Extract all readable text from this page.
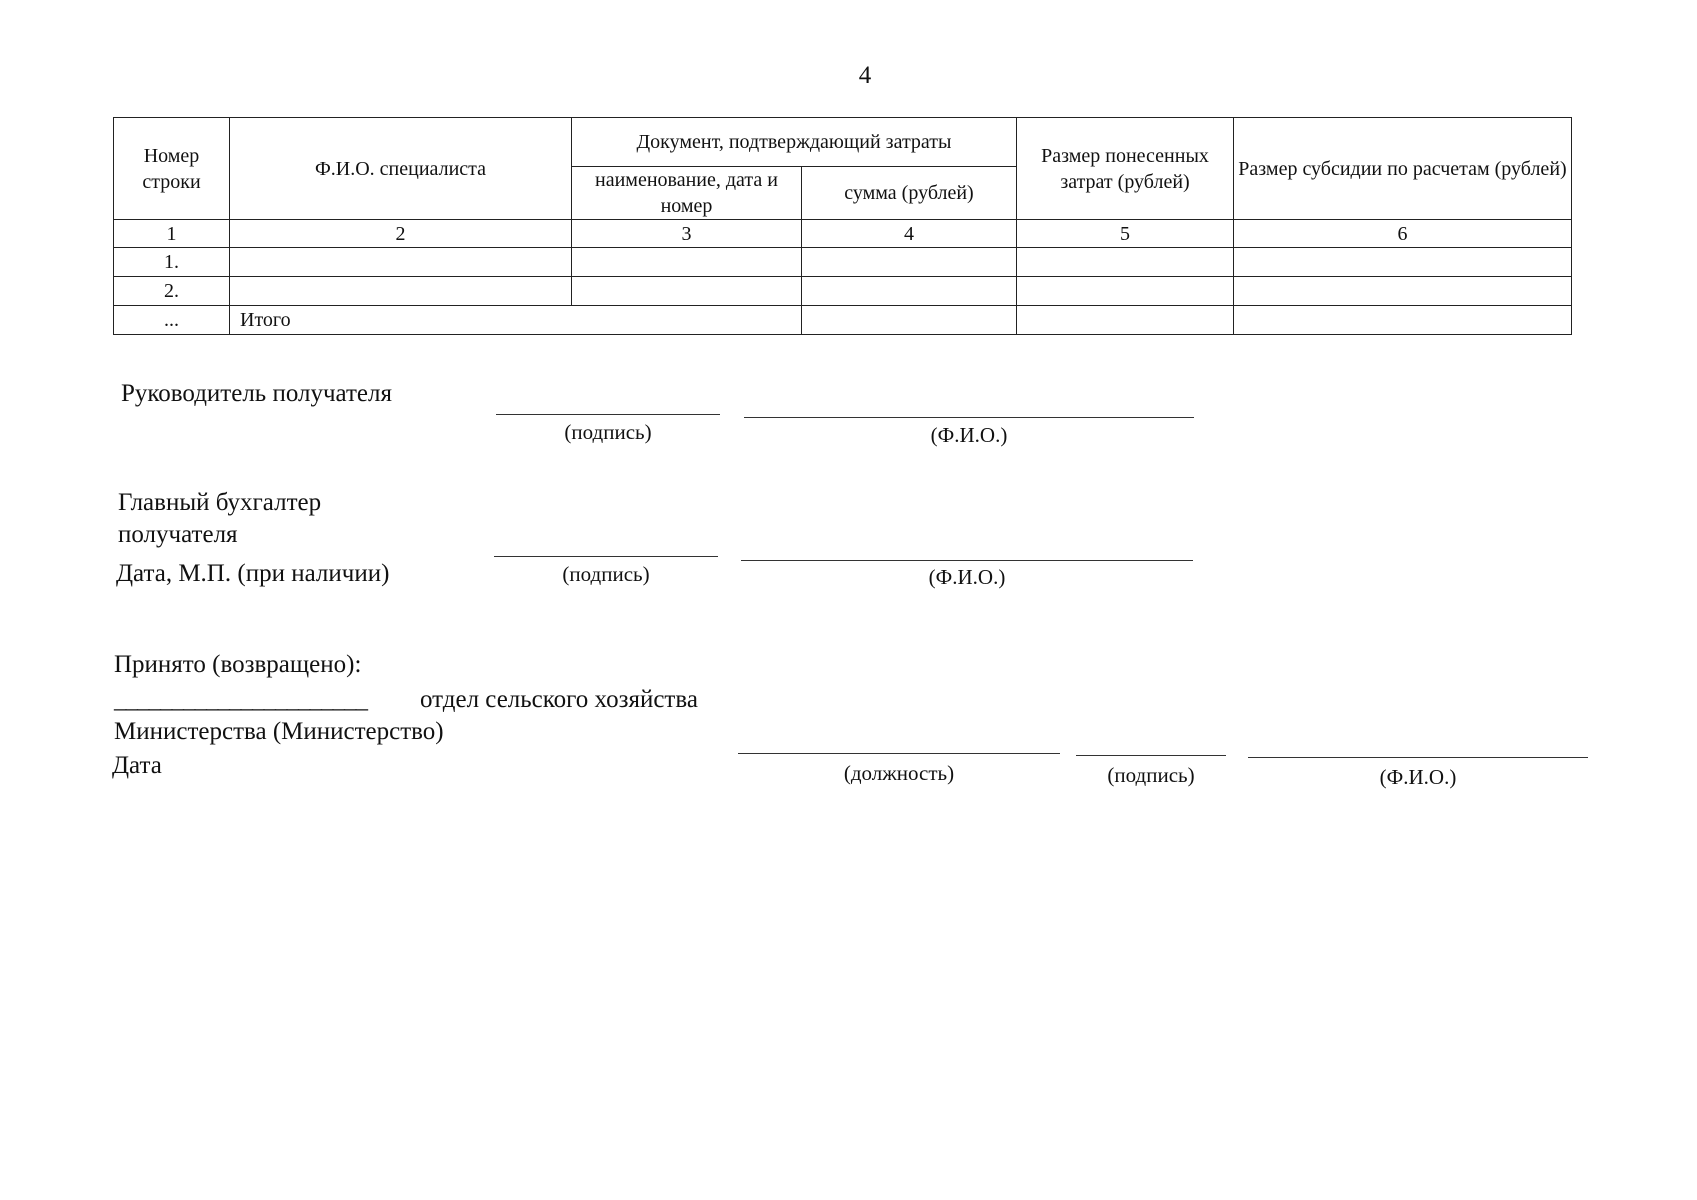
4
Номер строки	Ф.И.О. специалиста	Документ, подтверждающий затраты		Размер понесенных затрат (рублей)	Размер субсидии по расчетам (рублей)
		наименование, дата и номер	сумма (рублей)		
1	2	3	4	5	6
1.					
2.					
...	Итого				
Руководитель получателя
(подпись)	(Ф.И.О.)
Главный бухгалтер
получателя
Дата, М.П. (при наличии)	(подпись)	(Ф.И.О.)
Принято (возвращено):
______________________ отдел сельского хозяйства
Министерства (Министерство)
Дата	(должность)	(подпись)	(Ф.И.О.)
